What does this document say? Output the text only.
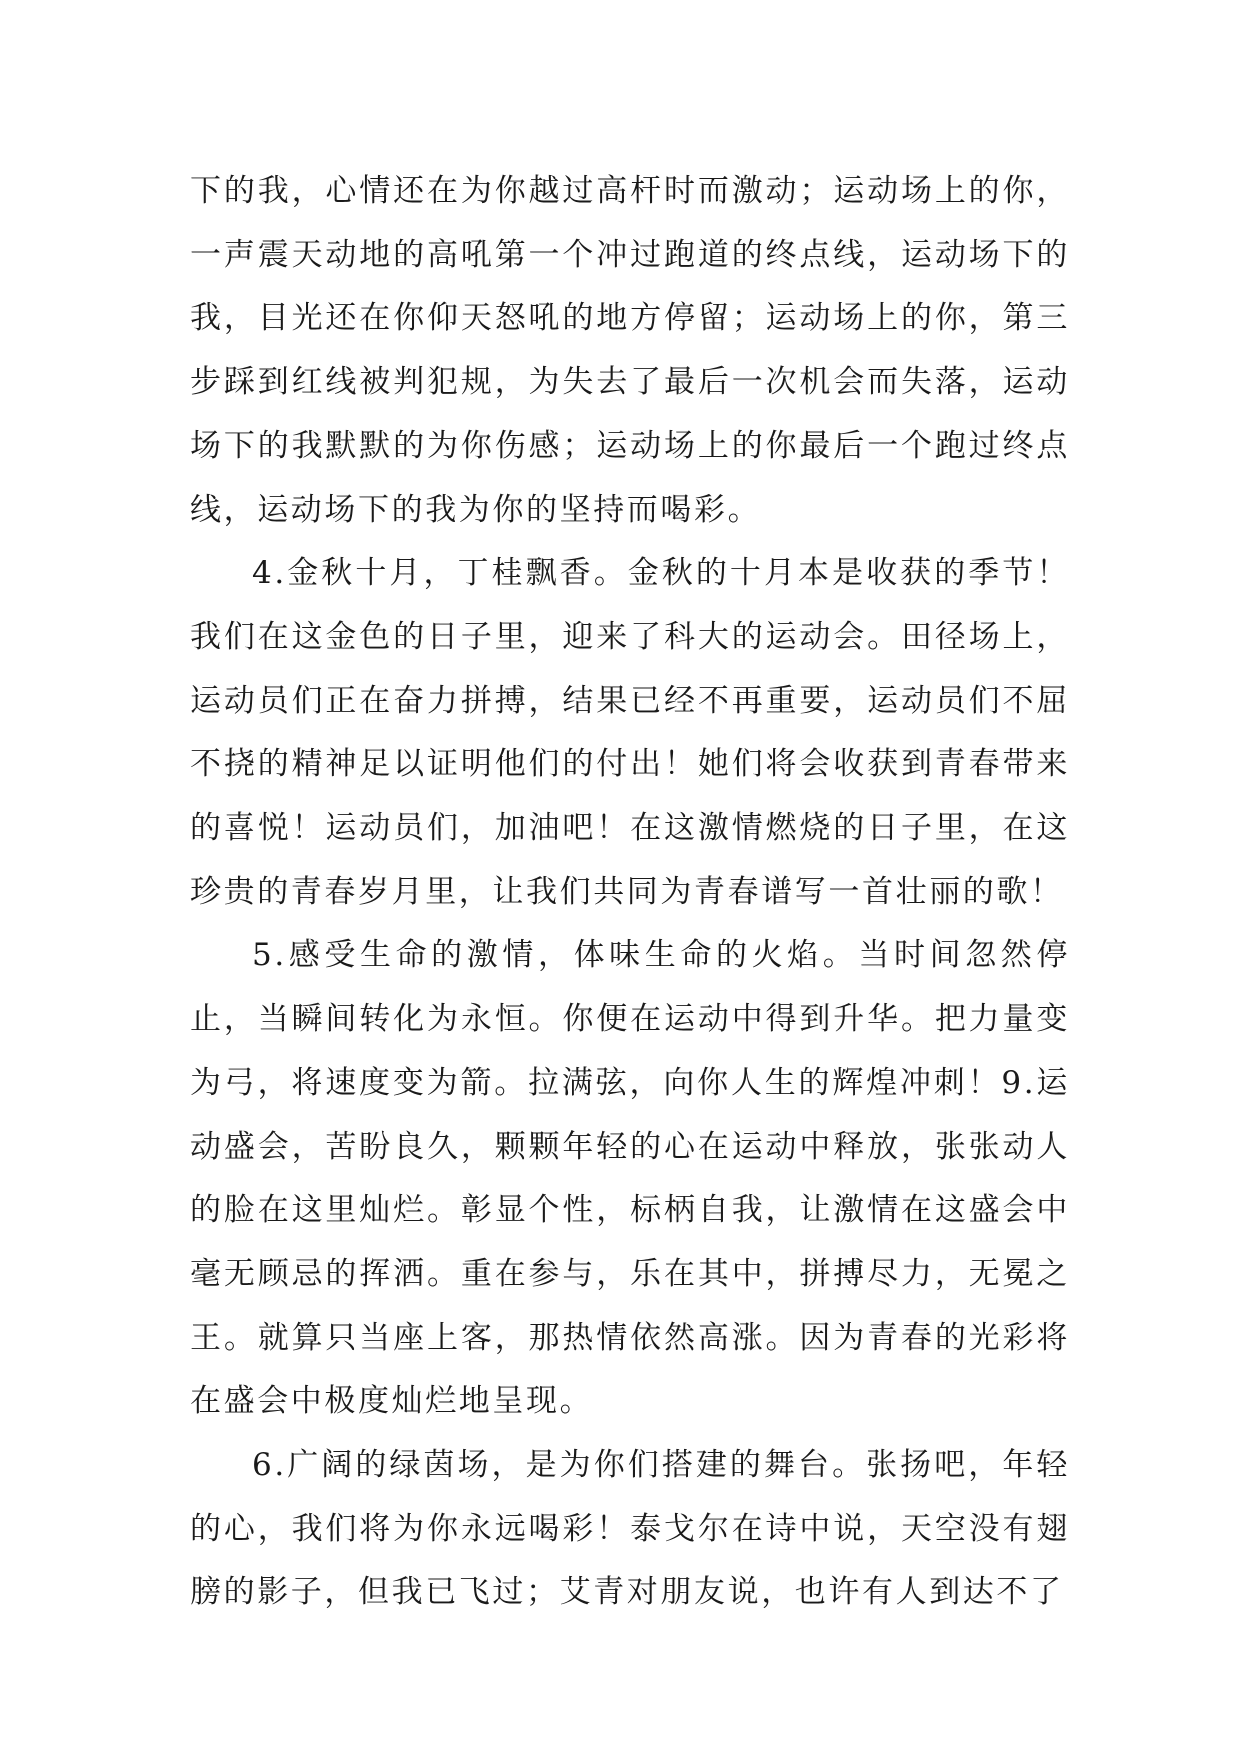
下的我，心情还在为你越过高杆时而激动；运动场上的你，一声震天动地的高吼第一个冲过跑道的终点线，运动场下的我，目光还在你仰天怒吼的地方停留；运动场上的你，第三步踩到红线被判犯规，为失去了最后一次机会而失落，运动场下的我默默的为你伤感；运动场上的你最后一个跑过终点线，运动场下的我为你的坚持而喝彩。

4.金秋十月，丁桂飘香。金秋的十月本是收获的季节！我们在这金色的日子里，迎来了科大的运动会。田径场上，运动员们正在奋力拼搏，结果已经不再重要，运动员们不屈不挠的精神足以证明他们的付出！她们将会收获到青春带来的喜悦！运动员们，加油吧！在这激情燃烧的日子里，在这珍贵的青春岁月里，让我们共同为青春谱写一首壮丽的歌！

5.感受生命的激情，体味生命的火焰。当时间忽然停止，当瞬间转化为永恒。你便在运动中得到升华。把力量变为弓，将速度变为箭。拉满弦，向你人生的辉煌冲刺！9.运动盛会，苦盼良久，颗颗年轻的心在运动中释放，张张动人的脸在这里灿烂。彰显个性，标柄自我，让激情在这盛会中毫无顾忌的挥洒。重在参与，乐在其中，拼搏尽力，无冕之王。就算只当座上客，那热情依然高涨。因为青春的光彩将在盛会中极度灿烂地呈现。

6.广阔的绿茵场，是为你们搭建的舞台。张扬吧，年轻的心，我们将为你永远喝彩！泰戈尔在诗中说，天空没有翅膀的影子，但我已飞过；艾青对朋友说，也许有人到达不了
